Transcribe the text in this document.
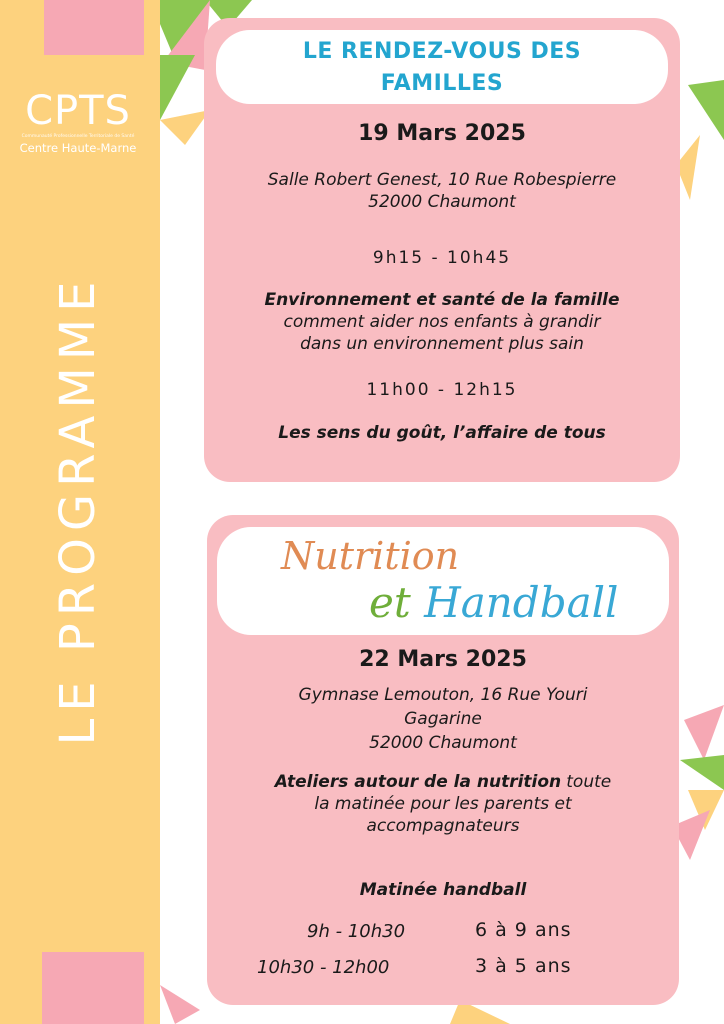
CPTS
Communauté Professionnelle Territoriale de Santé
Centre Haute-Marne
LE PROGRAMME
LE RENDEZ-VOUS DES
FAMILLES
19 Mars 2025
Salle Robert Genest, 10 Rue Robespierre
52000 Chaumont
9h15 - 10h45
Environnement et santé de la famille
comment aider nos enfants à grandir
dans un environnement plus sain
11h00 - 12h15
Les sens du goût, l’affaire de tous
Nutrition
et Handball
22 Mars 2025
Gymnase Lemouton, 16 Rue Youri
Gagarine
52000 Chaumont
Ateliers autour de la nutrition toute
la matinée pour les parents et
accompagnateurs
Matinée handball
9h - 10h30	6 à 9 ans
10h30 - 12h00	3 à 5 ans
